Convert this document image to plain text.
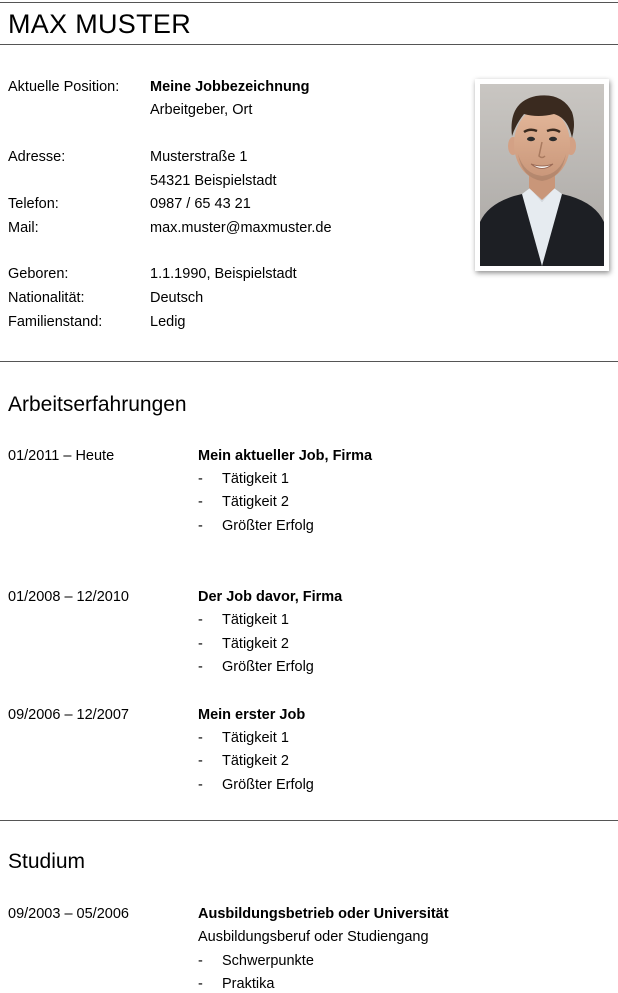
MAX MUSTER
Aktuelle Position: Meine Jobbezeichnung
Arbeitgeber, Ort
Adresse:	Musterstraße 1
54321 Beispielstadt
Telefon:	0987 / 65 43 21
Mail:	max.muster@maxmuster.de
Geboren:	1.1.1990, Beispielstadt
Nationalität:	Deutsch
Familienstand:	Ledig
Arbeitserfahrungen
01/2011 – Heute	Mein aktueller Job, Firma
- Tätigkeit 1
- Tätigkeit 2
- Größter Erfolg
01/2008 – 12/2010	Der Job davor, Firma
- Tätigkeit 1
- Tätigkeit 2
- Größter Erfolg
09/2006 – 12/2007	Mein erster Job
- Tätigkeit 1
- Tätigkeit 2
- Größter Erfolg
Studium
09/2003 – 05/2006	Ausbildungsbetrieb oder Universität
Ausbildungsberuf oder Studiengang
- Schwerpunkte
- Praktika
